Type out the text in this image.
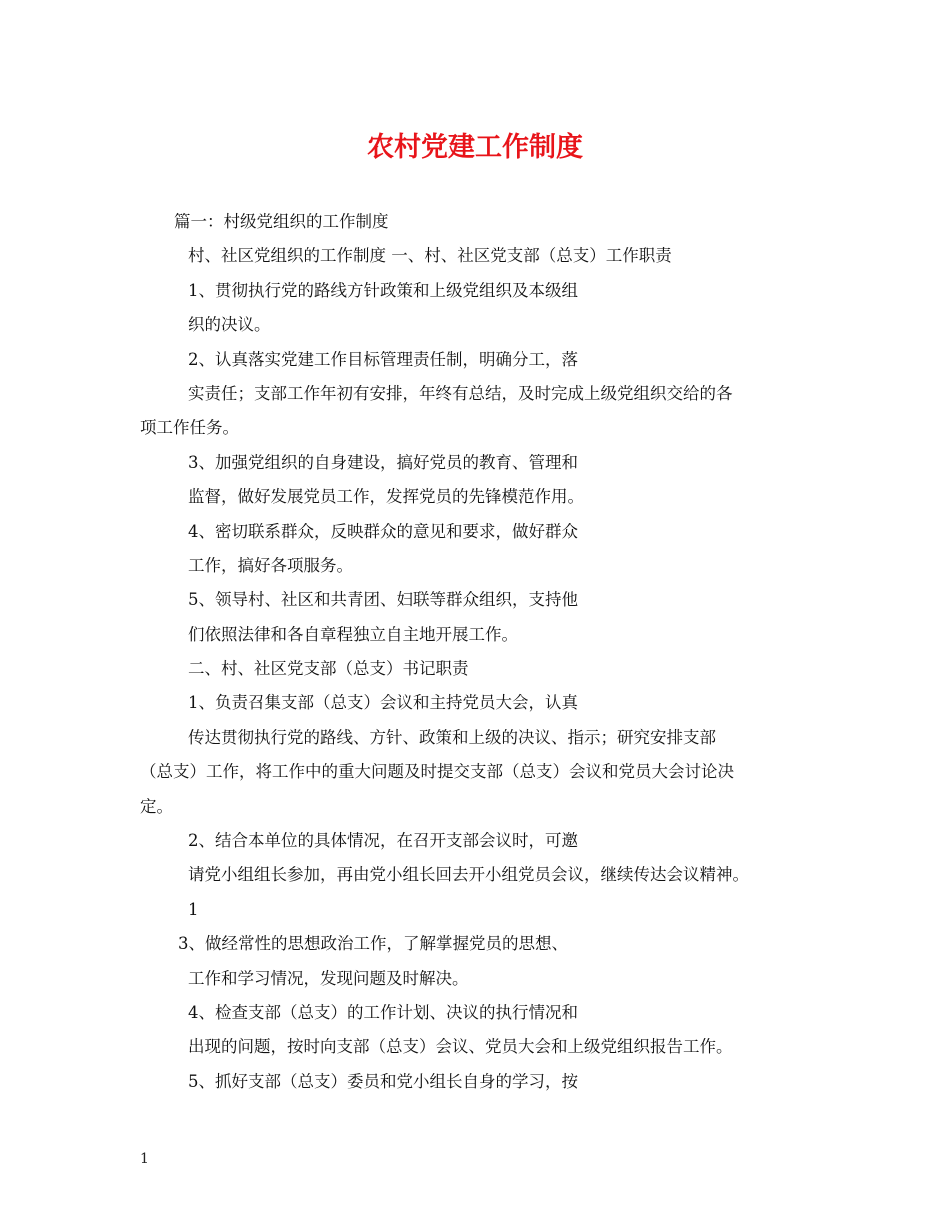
农村党建工作制度

篇一：村级党组织的工作制度

村、社区党组织的工作制度 一、村、社区党支部（总支）工作职责

1、贯彻执行党的路线方针政策和上级党组织及本级组

织的决议。

2、认真落实党建工作目标管理责任制，明确分工，落

实责任；支部工作年初有安排，年终有总结，及时完成上级党组织交给的各

项工作任务。

3、加强党组织的自身建设，搞好党员的教育、管理和

监督，做好发展党员工作，发挥党员的先锋模范作用。

4、密切联系群众，反映群众的意见和要求，做好群众

工作，搞好各项服务。

5、领导村、社区和共青团、妇联等群众组织，支持他

们依照法律和各自章程独立自主地开展工作。

二、村、社区党支部（总支）书记职责

1、负责召集支部（总支）会议和主持党员大会，认真

传达贯彻执行党的路线、方针、政策和上级的决议、指示；研究安排支部

（总支）工作，将工作中的重大问题及时提交支部（总支）会议和党员大会讨论决

定。

2、结合本单位的具体情况，在召开支部会议时，可邀

请党小组组长参加，再由党小组长回去开小组党员会议，继续传达会议精神。

1

3、做经常性的思想政治工作，了解掌握党员的思想、

工作和学习情况，发现问题及时解决。

4、检查支部（总支）的工作计划、决议的执行情况和

出现的问题，按时向支部（总支）会议、党员大会和上级党组织报告工作。

5、抓好支部（总支）委员和党小组长自身的学习，按

1
